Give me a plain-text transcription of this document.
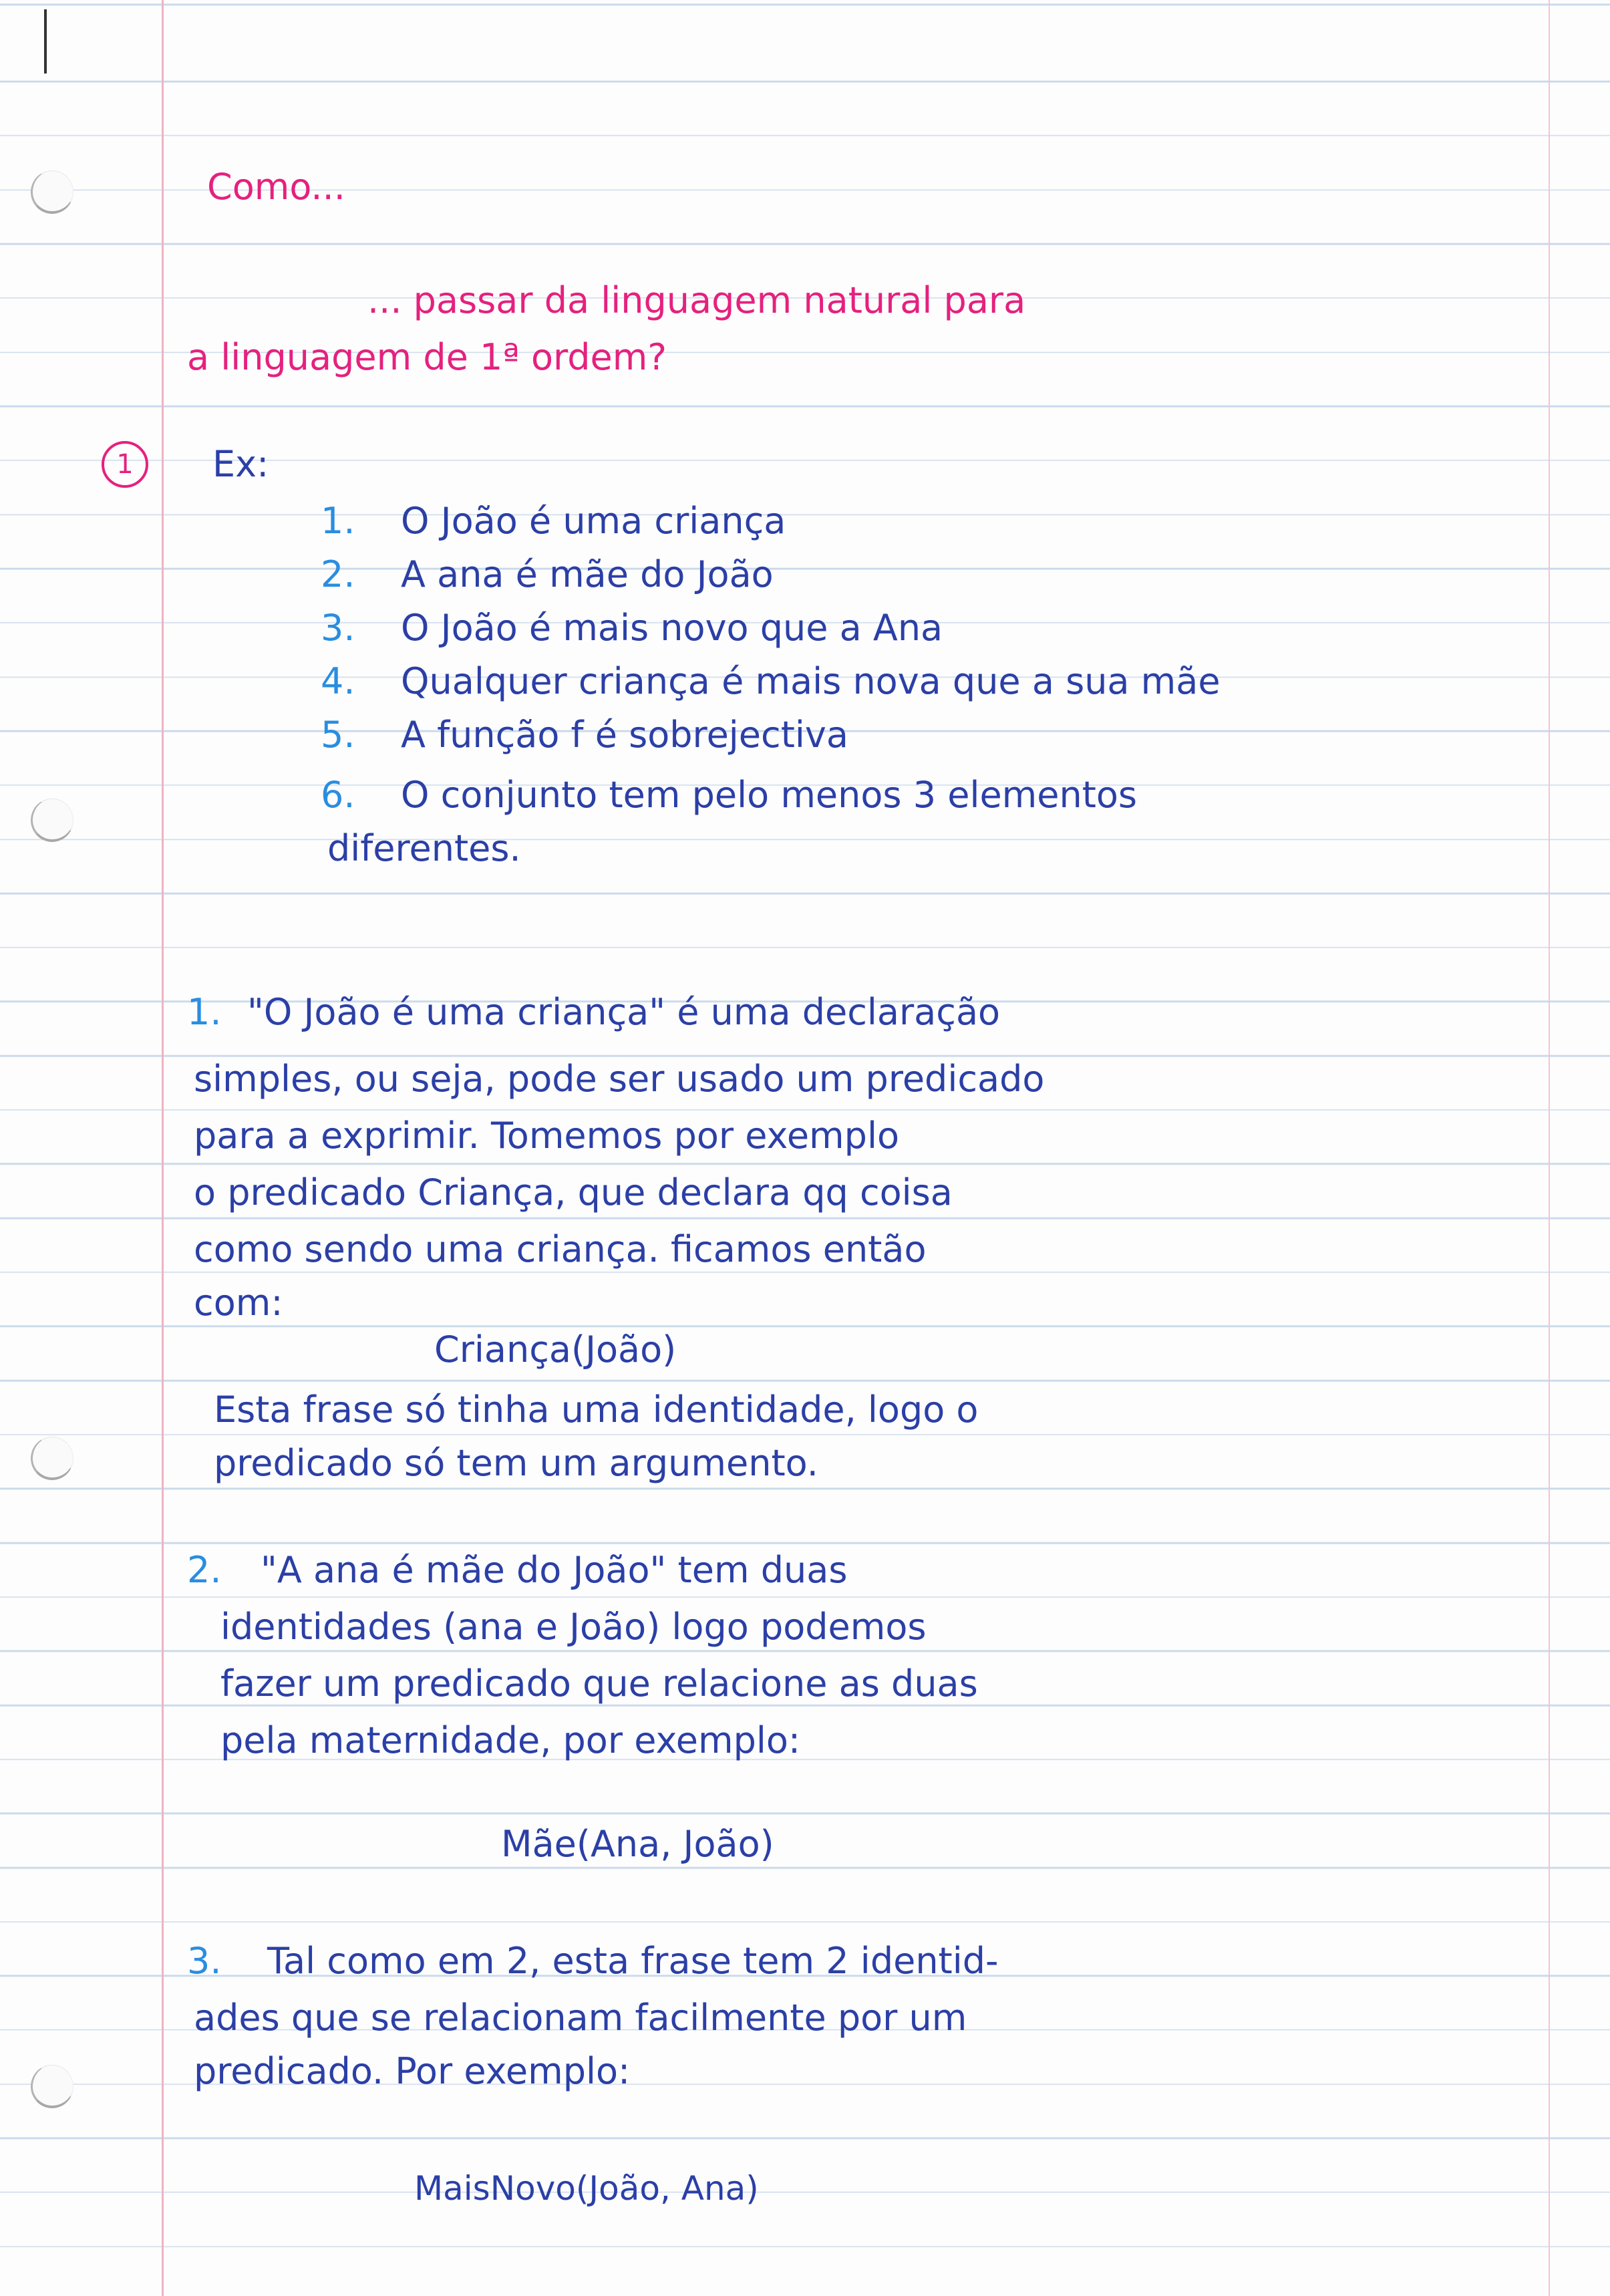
Como...
... passar da linguagem natural para
a linguagem de 1ª ordem?
1	Ex:
1. O João é uma criança
2. A ana é mãe do João
3. O João é mais novo que a Ana
4. Qualquer criança é mais nova que a sua mãe
5. A função f é sobrejectiva
6. O conjunto tem pelo menos 3 elementos
diferentes.
1. "O João é uma criança" é uma declaração
simples, ou seja, pode ser usado um predicado
para a exprimir. Tomemos por exemplo
o predicado Criança, que declara qq coisa
como sendo uma criança. ficamos então
com:
Criança(João)
Esta frase só tinha uma identidade, logo o
predicado só tem um argumento.
2. "A ana é mãe do João" tem duas
identidades (ana e João) logo podemos
fazer um predicado que relacione as duas
pela maternidade, por exemplo:
Mãe(Ana, João)
3. Tal como em 2, esta frase tem 2 identid-
ades que se relacionam facilmente por um
predicado. Por exemplo:
MaisNovo(João, Ana)
